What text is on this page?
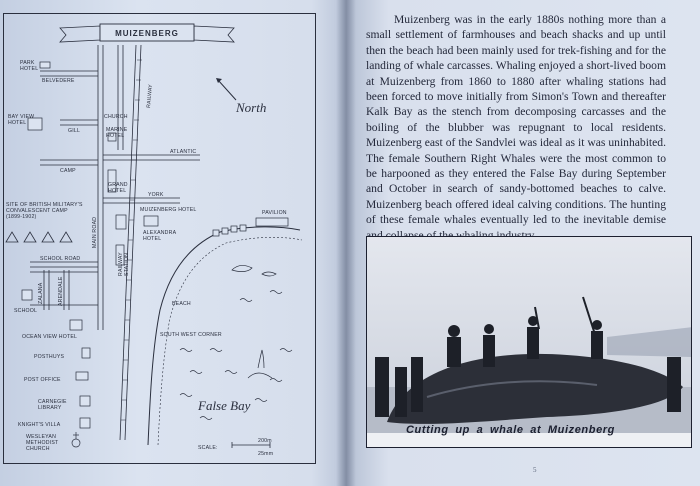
MUIZENBERG
North
SCALE:
200m
25mm
False Bay
PARK HOTEL
BELVEDERE
BAY VIEW HOTEL
GILL
CHURCH
MARINE HOTEL
RAILWAY
ATLANTIC
CAMP
GRAND HOTEL
YORK
MUIZENBERG HOTEL
ALEXANDRA HOTEL
PAVILION
SITE OF BRITISH MILITARY'S CONVALESCENT CAMP (1899-1902)	MAIN ROAD
SCHOOL ROAD	RAILWAYSTATION
BEACH
ZALANA	ARENDALE
SCHOOL
OCEAN VIEW HOTEL	SOUTH WEST CORNER
POSTHUYS
POST OFFICE
CARNEGIE LIBRARY
KNIGHT'S VILLA
WESLEYAN METHODIST CHURCH

Muizenberg was in the early 1880s nothing more than a small settlement of farmhouses and beach shacks and up until then the beach had been mainly used for trek-fishing and for the landing of whale carcasses. Whaling enjoyed a short-lived boom at Muizenberg from 1860 to 1880 after whaling stations had been forced to move initially from Simon's Town and thereafter Kalk Bay as the stench from decomposing carcasses and the boiling of the blubber was repugnant to local residents. Muizenberg east of the Sandvlei was ideal as it was uninhabited. The female Southern Right Whales were the most common to be harpooned as they entered the False Bay during September and October in search of sandy-bottomed beaches to calve. Muizenberg beach offered ideal calving conditions. The hunting of these female whales eventually led to the inevitable demise

Cutting up a whale at Muizenberg
5
